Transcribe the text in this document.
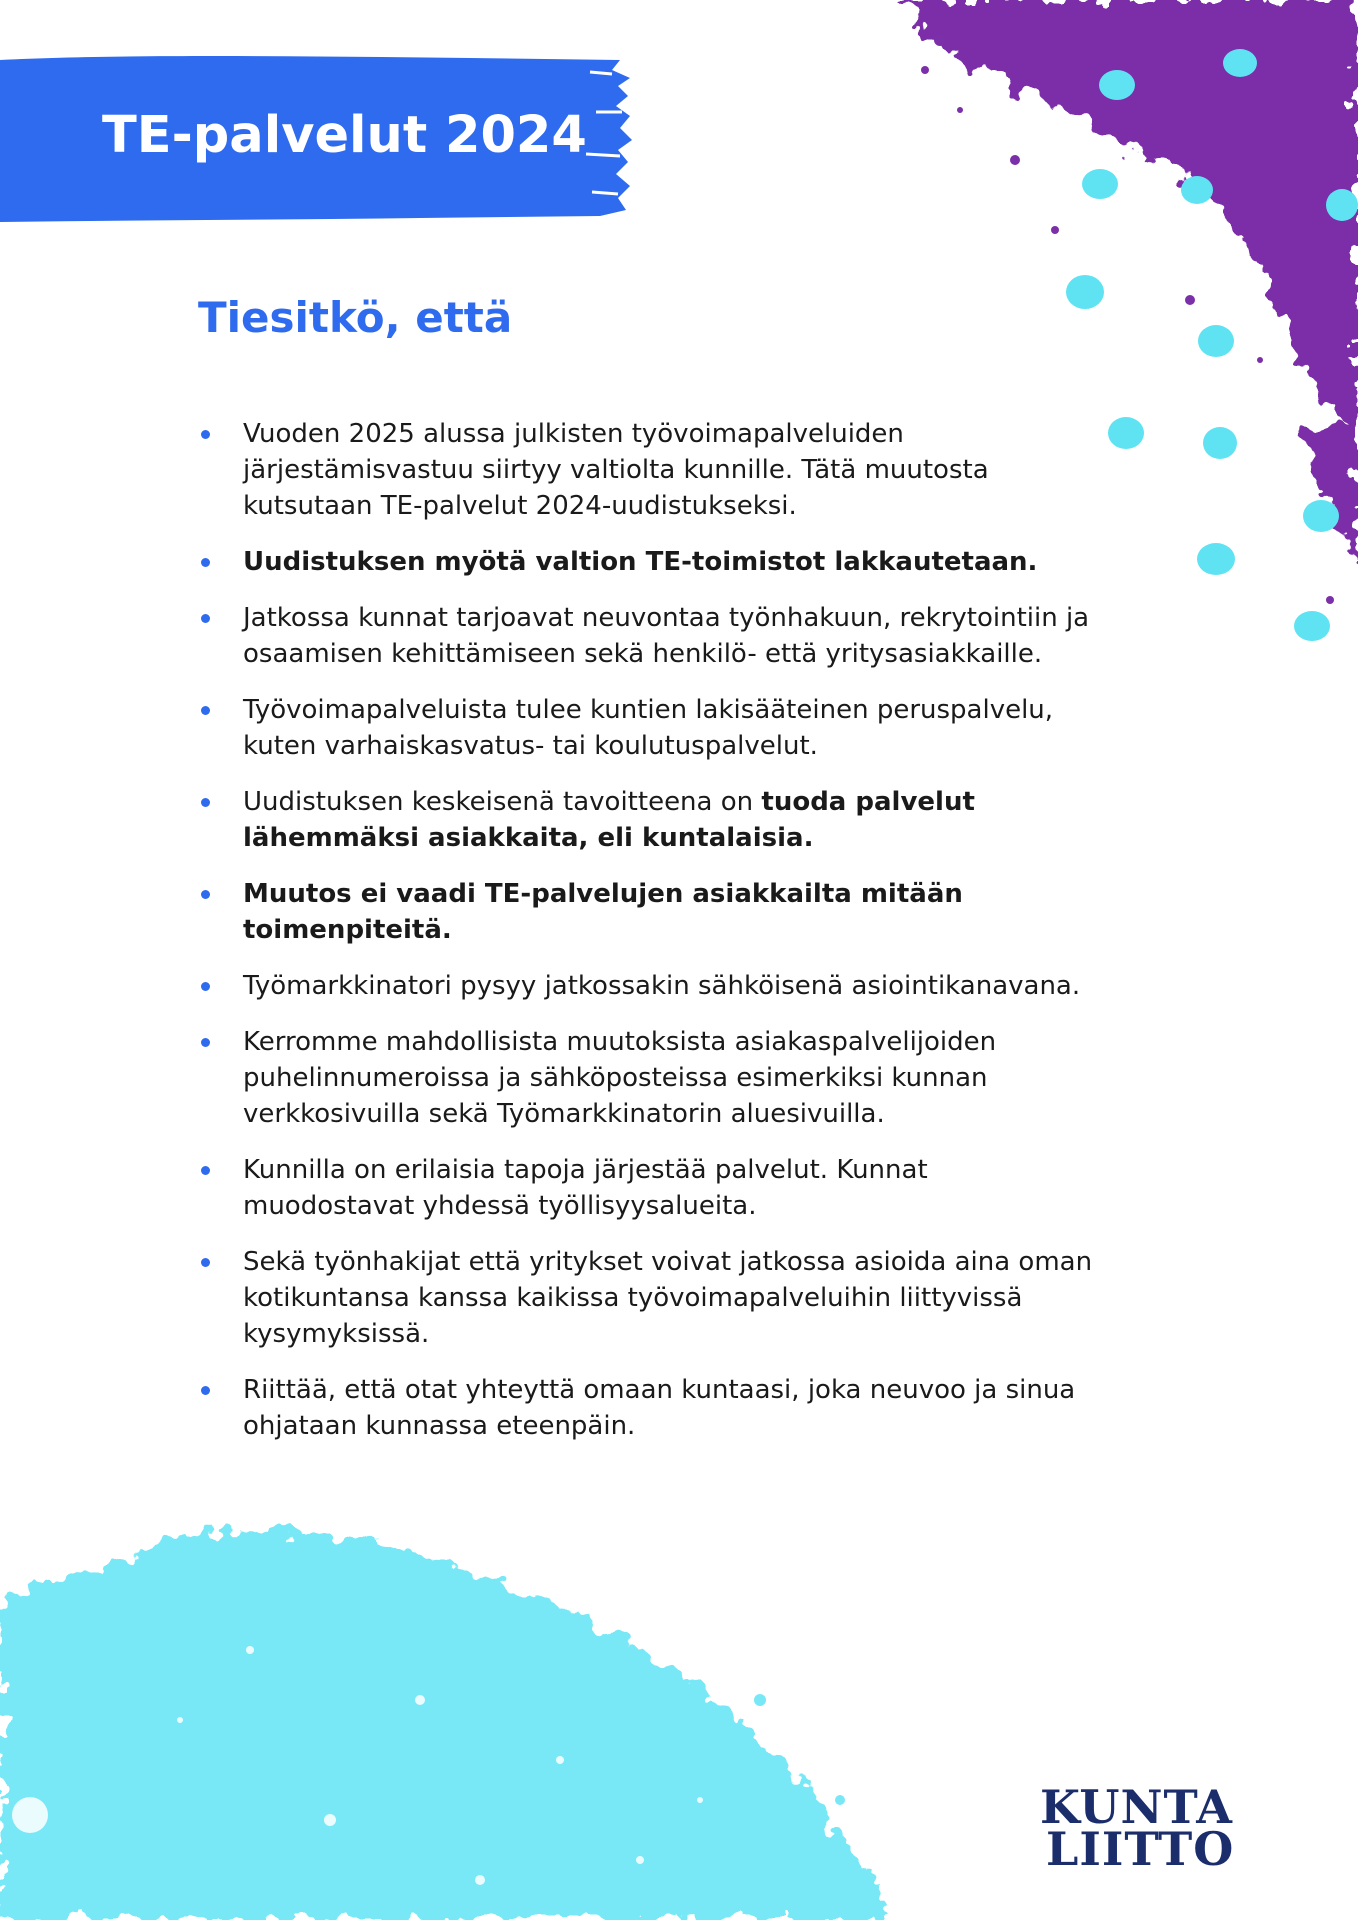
TE-palvelut 2024
Tiesitkö, että
Vuoden 2025 alussa julkisten työvoimapalveluiden järjestämisvastuu siirtyy valtiolta kunnille. Tätä muutosta kutsutaan TE-palvelut 2024-uudistukseksi.
Uudistuksen myötä valtion TE-toimistot lakkautetaan.
Jatkossa kunnat tarjoavat neuvontaa työnhakuun, rekrytointiin ja osaamisen kehittämiseen sekä henkilö- että yritysasiakkaille.
Työvoimapalveluista tulee kuntien lakisääteinen peruspalvelu, kuten varhaiskasvatus- tai koulutuspalvelut.
Uudistuksen keskeisenä tavoitteena on tuoda palvelut lähemmäksi asiakkaita, eli kuntalaisia.
Muutos ei vaadi TE-palvelujen asiakkailta mitään toimenpiteitä.
Työmarkkinatori pysyy jatkossakin sähköisenä asiointikanavana.
Kerromme mahdollisista muutoksista asiakaspalvelijoiden puhelinnumeroissa ja sähköposteissa esimerkiksi kunnan verkkosivuilla sekä Työmarkkinatorin aluesivuilla.
Kunnilla on erilaisia tapoja järjestää palvelut. Kunnat muodostavat yhdessä työllisyysalueita.
Sekä työnhakijat että yritykset voivat jatkossa asioida aina oman kotikuntansa kanssa kaikissa työvoimapalveluihin liittyvissä kysymyksissä.
Riittää, että otat yhteyttä omaan kuntaasi, joka neuvoo ja sinua ohjataan kunnassa eteenpäin.
KUNTA
LIITTO
